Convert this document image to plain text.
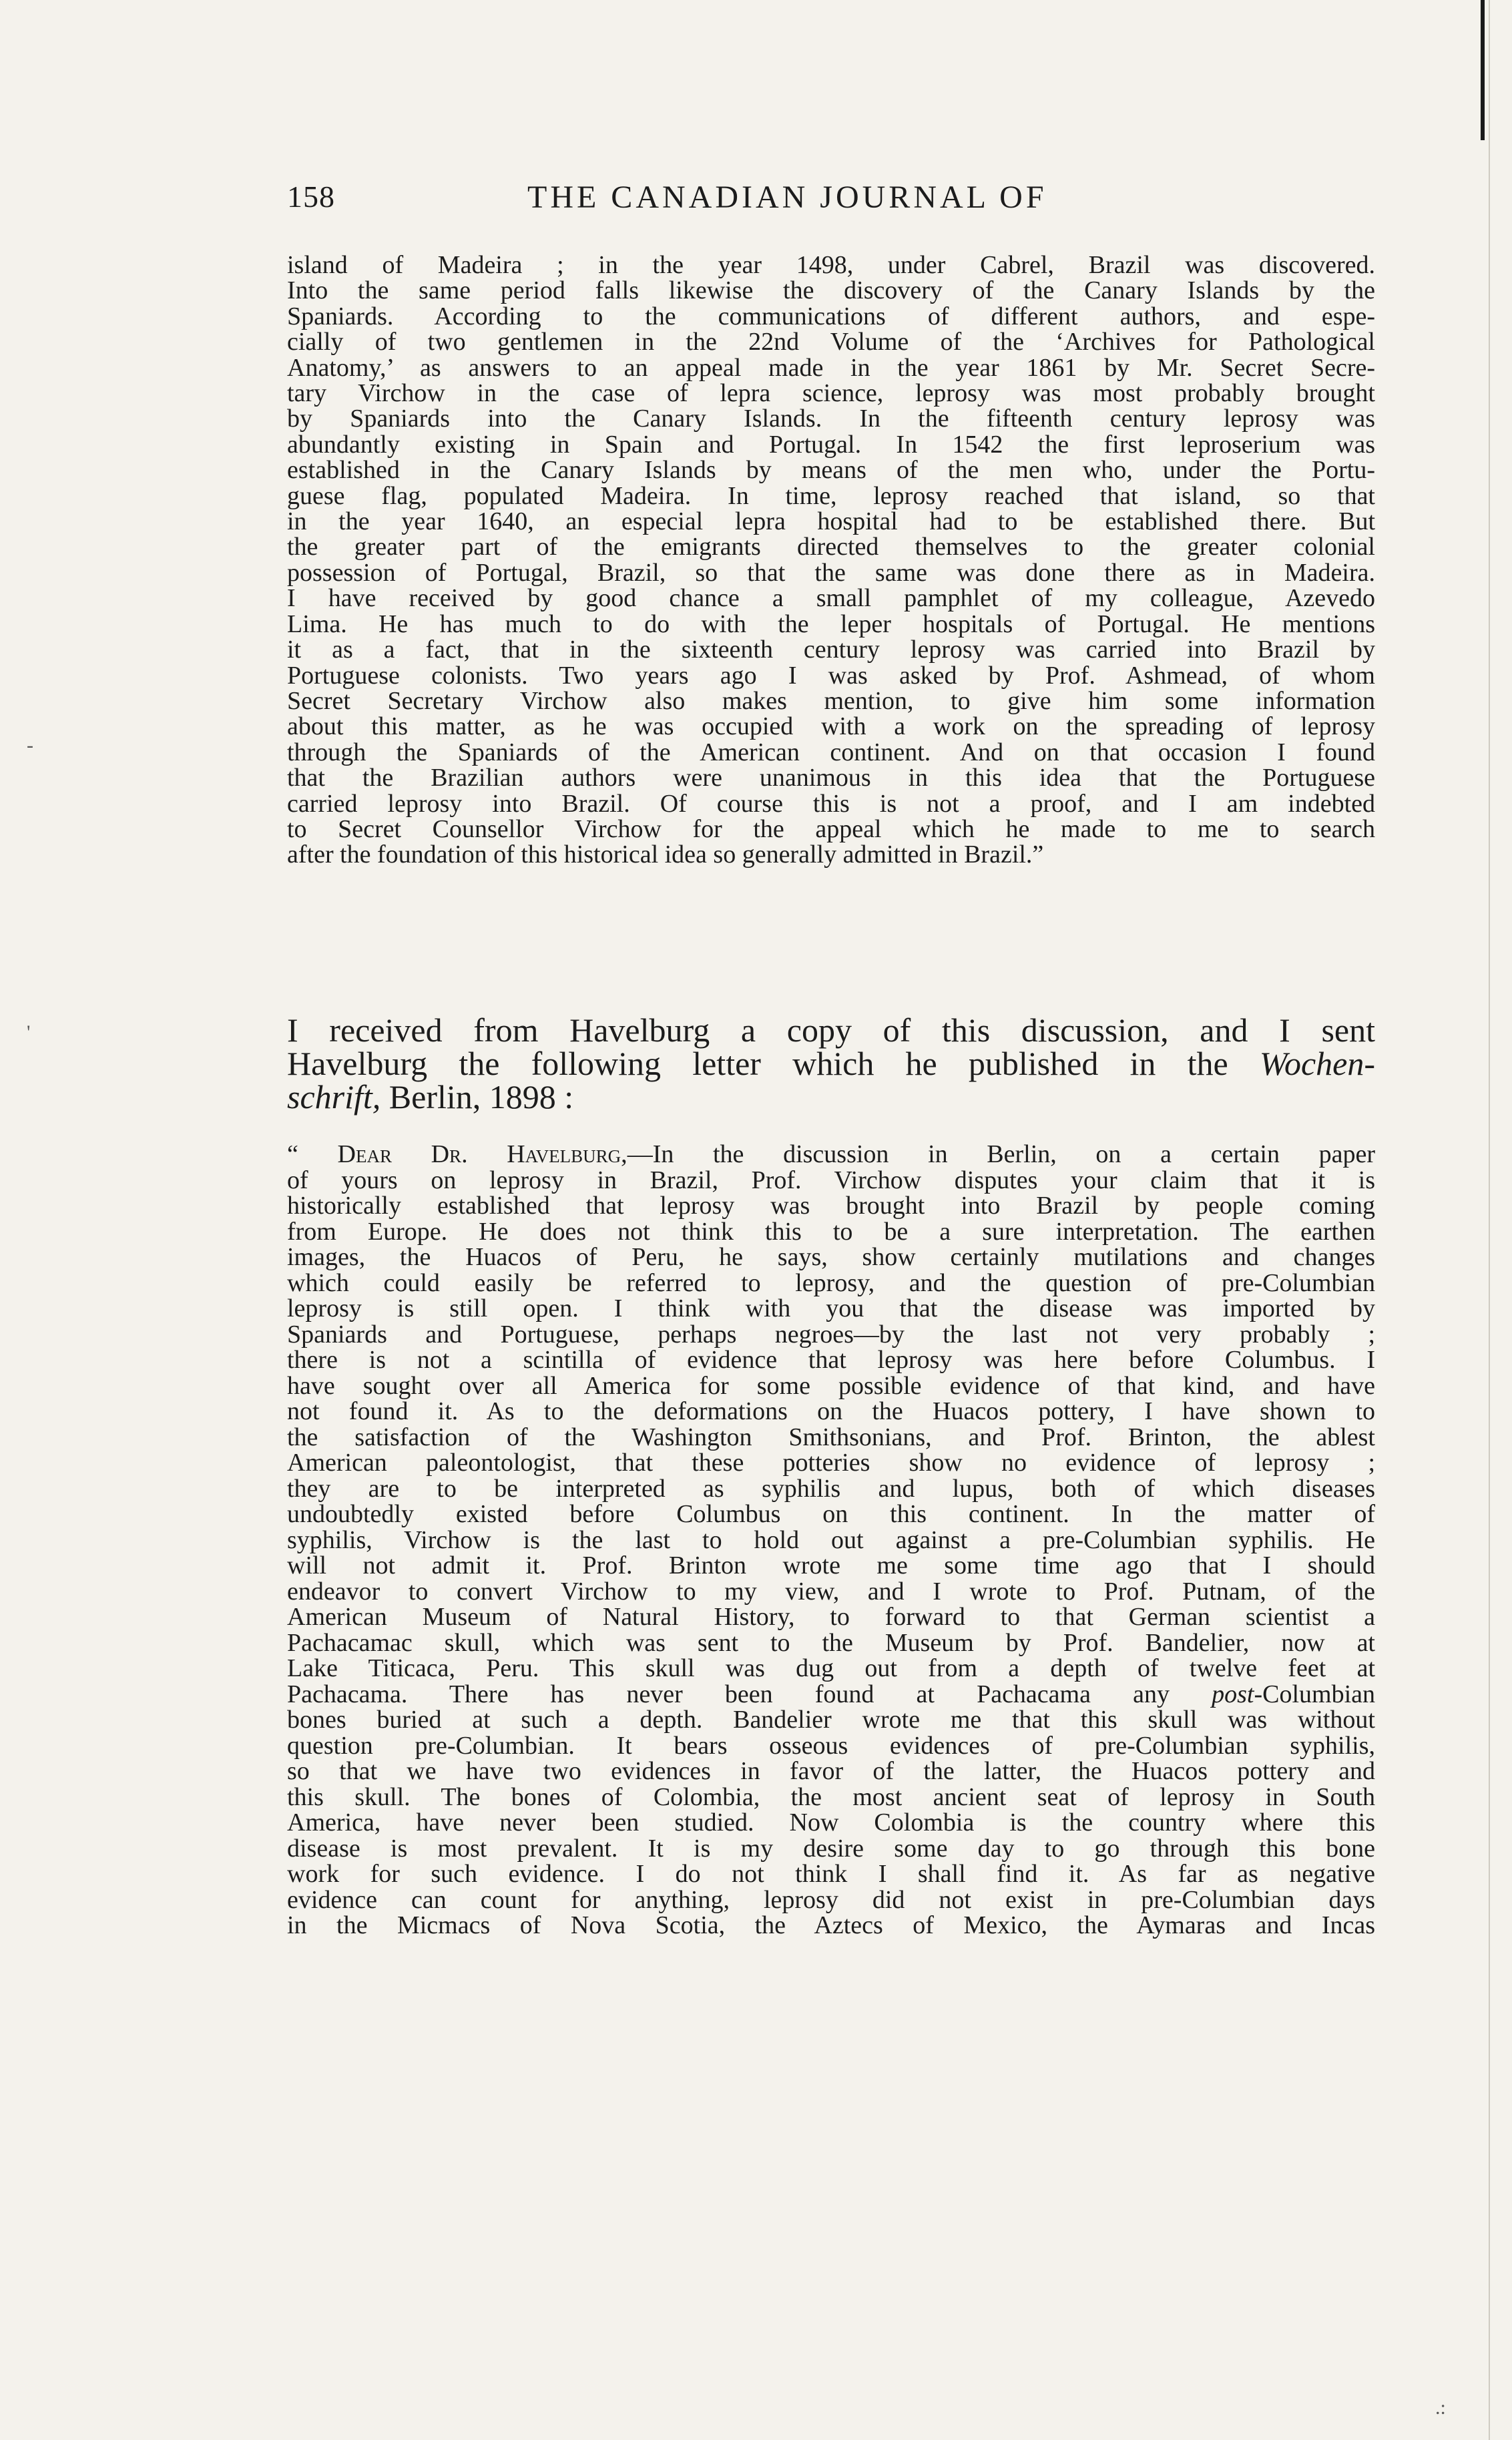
158	THE CANADIAN JOURNAL OF
island of Madeira ; in the year 1498, under Cabrel, Brazil was discovered.
Into the same period falls likewise the discovery of the Canary Islands by the
Spaniards. According to the communications of different authors, and espe-
cially of two gentlemen in the 22nd Volume of the ‘Archives for Pathological
Anatomy,’ as answers to an appeal made in the year 1861 by Mr. Secret Secre-
tary Virchow in the case of lepra science, leprosy was most probably brought
by Spaniards into the Canary Islands. In the fifteenth century leprosy was
abundantly existing in Spain and Portugal. In 1542 the first leproserium was
established in the Canary Islands by means of the men who, under the Portu-
guese flag, populated Madeira. In time, leprosy reached that island, so that
in the year 1640, an especial lepra hospital had to be established there. But
the greater part of the emigrants directed themselves to the greater colonial
possession of Portugal, Brazil, so that the same was done there as in Madeira.
I have received by good chance a small pamphlet of my colleague, Azevedo
Lima. He has much to do with the leper hospitals of Portugal. He mentions
it as a fact, that in the sixteenth century leprosy was carried into Brazil by
Portuguese colonists. Two years ago I was asked by Prof. Ashmead, of whom
Secret Secretary Virchow also makes mention, to give him some information
about this matter, as he was occupied with a work on the spreading of leprosy
through the Spaniards of the American continent. And on that occasion I found
that the Brazilian authors were unanimous in this idea that the Portuguese
carried leprosy into Brazil. Of course this is not a proof, and I am indebted
to Secret Counsellor Virchow for the appeal which he made to me to search
after the foundation of this historical idea so generally admitted in Brazil.”
I received from Havelburg a copy of this discussion, and I sent
Havelburg the following letter which he published in the Wochen-
schrift, Berlin, 1898 :
“ Dear Dr. Havelburg,—In the discussion in Berlin, on a certain paper
of yours on leprosy in Brazil, Prof. Virchow disputes your claim that it is
historically established that leprosy was brought into Brazil by people coming
from Europe. He does not think this to be a sure interpretation. The earthen
images, the Huacos of Peru, he says, show certainly mutilations and changes
which could easily be referred to leprosy, and the question of pre-Columbian
leprosy is still open. I think with you that the disease was imported by
Spaniards and Portuguese, perhaps negroes—by the last not very probably ;
there is not a scintilla of evidence that leprosy was here before Columbus. I
have sought over all America for some possible evidence of that kind, and have
not found it. As to the deformations on the Huacos pottery, I have shown to
the satisfaction of the Washington Smithsonians, and Prof. Brinton, the ablest
American paleontologist, that these potteries show no evidence of leprosy ;
they are to be interpreted as syphilis and lupus, both of which diseases
undoubtedly existed before Columbus on this continent. In the matter of
syphilis, Virchow is the last to hold out against a pre-Columbian syphilis. He
will not admit it. Prof. Brinton wrote me some time ago that I should
endeavor to convert Virchow to my view, and I wrote to Prof. Putnam, of the
American Museum of Natural History, to forward to that German scientist a
Pachacamac skull, which was sent to the Museum by Prof. Bandelier, now at
Lake Titicaca, Peru. This skull was dug out from a depth of twelve feet at
Pachacama. There has never been found at Pachacama any post-Columbian
bones buried at such a depth. Bandelier wrote me that this skull was without
question pre-Columbian. It bears osseous evidences of pre-Columbian syphilis,
so that we have two evidences in favor of the latter, the Huacos pottery and
this skull. The bones of Colombia, the most ancient seat of leprosy in South
America, have never been studied. Now Colombia is the country where this
disease is most prevalent. It is my desire some day to go through this bone
work for such evidence. I do not think I shall find it. As far as negative
evidence can count for anything, leprosy did not exist in pre-Columbian days
in the Micmacs of Nova Scotia, the Aztecs of Mexico, the Aymaras and Incas
-
'
.:
